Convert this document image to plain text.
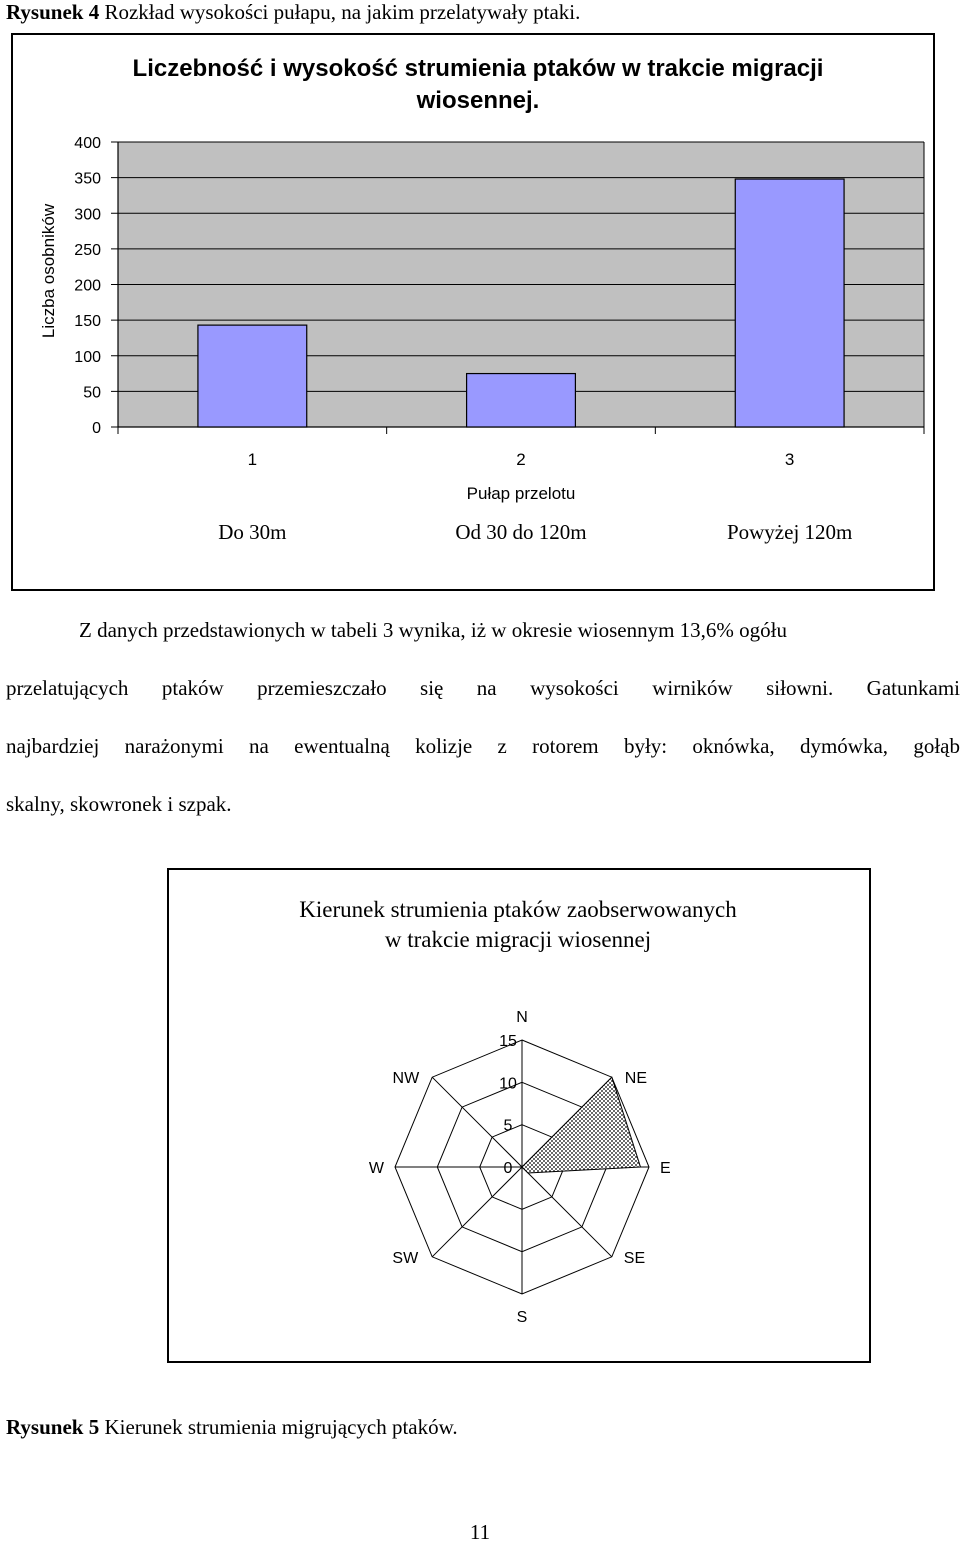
Rysunek 4 Rozkład wysokości pułapu, na jakim przelatywały ptaki.
Liczebność i wysokość strumienia ptaków w trakcie migracji
wiosennej.
0
50
100
150
200
250
300
350
400
1	2	3
Liczba osobników
Pułap przelotu
Do 30m	Od 30 do 120m	Powyżej 120m
Z danych przedstawionych w tabeli 3 wynika, iż w okresie wiosennym 13,6% ogółu
przelatujących ptaków przemieszczało się na wysokości wirników siłowni. Gatunkami
najbardziej narażonymi na ewentualną kolizje z rotorem były: oknówka, dymówka, gołąb
skalny, skowronek i szpak.
Kierunek strumienia ptaków zaobserwowanych
w trakcie migracji wiosennej
0
5
10
15
N
NE
E
SE
S
SW
W
NW
Rysunek 5 Kierunek strumienia migrujących ptaków.
11
